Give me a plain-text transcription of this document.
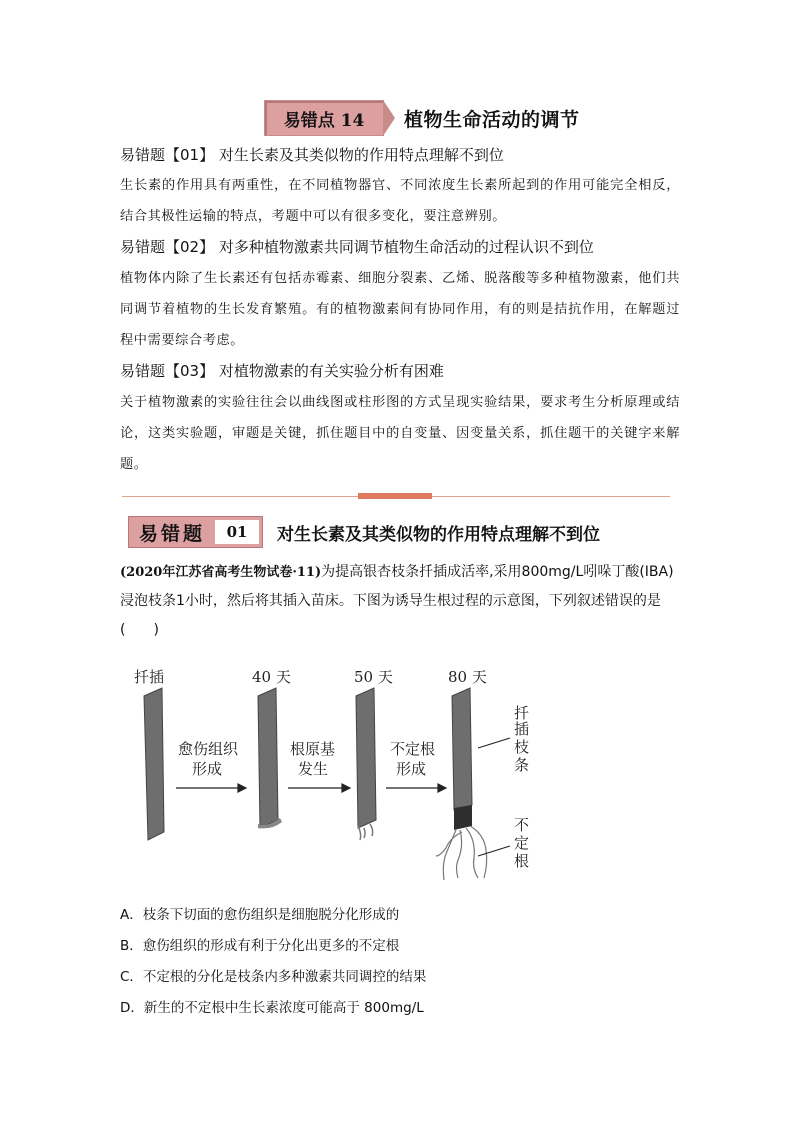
易错点 14	植物生命活动的调节
易错题【01】 对生长素及其类似物的作用特点理解不到位
生长素的作用具有两重性，在不同植物器官、不同浓度生长素所起到的作用可能完全相反，结合其极性运输的特点，考题中可以有很多变化，要注意辨别。
易错题【02】 对多种植物激素共同调节植物生命活动的过程认识不到位
植物体内除了生长素还有包括赤霉素、细胞分裂素、乙烯、脱落酸等多种植物激素，他们共同调节着植物的生长发育繁殖。有的植物激素间有协同作用，有的则是拮抗作用，在解题过程中需要综合考虑。
易错题【03】 对植物激素的有关实验分析有困难
关于植物激素的实验往往会以曲线图或柱形图的方式呈现实验结果，要求考生分析原理或结论，这类实验题，审题是关键，抓住题目中的自变量、因变量关系，抓住题干的关键字来解题。
易错题	01	对生长素及其类似物的作用特点理解不到位
(2020年江苏省高考生物试卷·11)为提高银杏枝条扦插成活率,采用800mg/L吲哚丁酸(IBA)浸泡枝条1小时，然后将其插入苗床。下图为诱导生根过程的示意图，下列叙述错误的是
(　　)
扦插	40 天	50 天	80 天
愈伤组织
形成
根原基
发生
不定根
形成
扦
插
枝
条
不
定
根
A．枝条下切面的愈伤组织是细胞脱分化形成的
B．愈伤组织的形成有利于分化出更多的不定根
C．不定根的分化是枝条内多种激素共同调控的结果
D．新生的不定根中生长素浓度可能高于 800mg/L
